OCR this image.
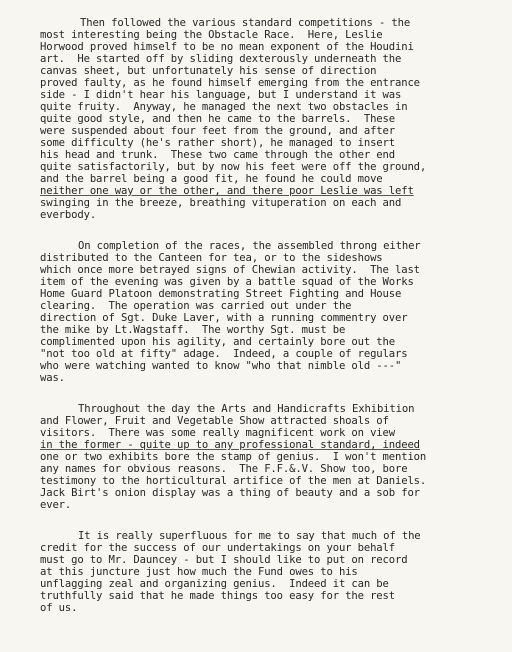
Then followed the various standard competitions - the
most interesting being the Obstacle Race.  Here, Leslie
Horwood proved himself to be no mean exponent of the Houdini
art.  He started off by sliding dexterously underneath the
canvas sheet, but unfortunately his sense of direction
proved faulty, as he found himself emerging from the entrance
side - I didn't hear his language, but I understand it was
quite fruity.  Anyway, he managed the next two obstacles in
quite good style, and then he came to the barrels.  These
were suspended about four feet from the ground, and after
some difficulty (he's rather short), he managed to insert
his head and trunk.  These two came through the other end
quite satisfactorily, but by now his feet were off the ground,
and the barrel being a good fit, he found he could move
neither one way or the other, and there poor Leslie was left
swinging in the breeze, breathing vituperation on each and
everbody.
On completion of the races, the assembled throng either
distributed to the Canteen for tea, or to the sideshows
which once more betrayed signs of Chewian activity.  The last
item of the evening was given by a battle squad of the Works
Home Guard Platoon demonstrating Street Fighting and House
clearing.  The operation was carried out under the
direction of Sgt. Duke Laver, with a running commentry over
the mike by Lt.Wagstaff.  The worthy Sgt. must be
complimented upon his agility, and certainly bore out the
"not too old at fifty" adage.  Indeed, a couple of regulars
who were watching wanted to know "who that nimble old ---"
was.
Throughout the day the Arts and Handicrafts Exhibition
and Flower, Fruit and Vegetable Show attracted shoals of
visitors.  There was some really magnificent work on view
in the former - quite up to any professional standard, indeed
one or two exhibits bore the stamp of genius.  I won't mention
any names for obvious reasons.  The F.F.&.V. Show too, bore
testimony to the horticultural artifice of the men at Daniels.
Jack Birt's onion display was a thing of beauty and a sob for
ever.
It is really superfluous for me to say that much of the
credit for the success of our undertakings on your behalf
must go to Mr. Dauncey - but I should like to put on record
at this juncture just how much the Fund owes to his
unflagging zeal and organizing genius.  Indeed it can be
truthfully said that he made things too easy for the rest
of us.
